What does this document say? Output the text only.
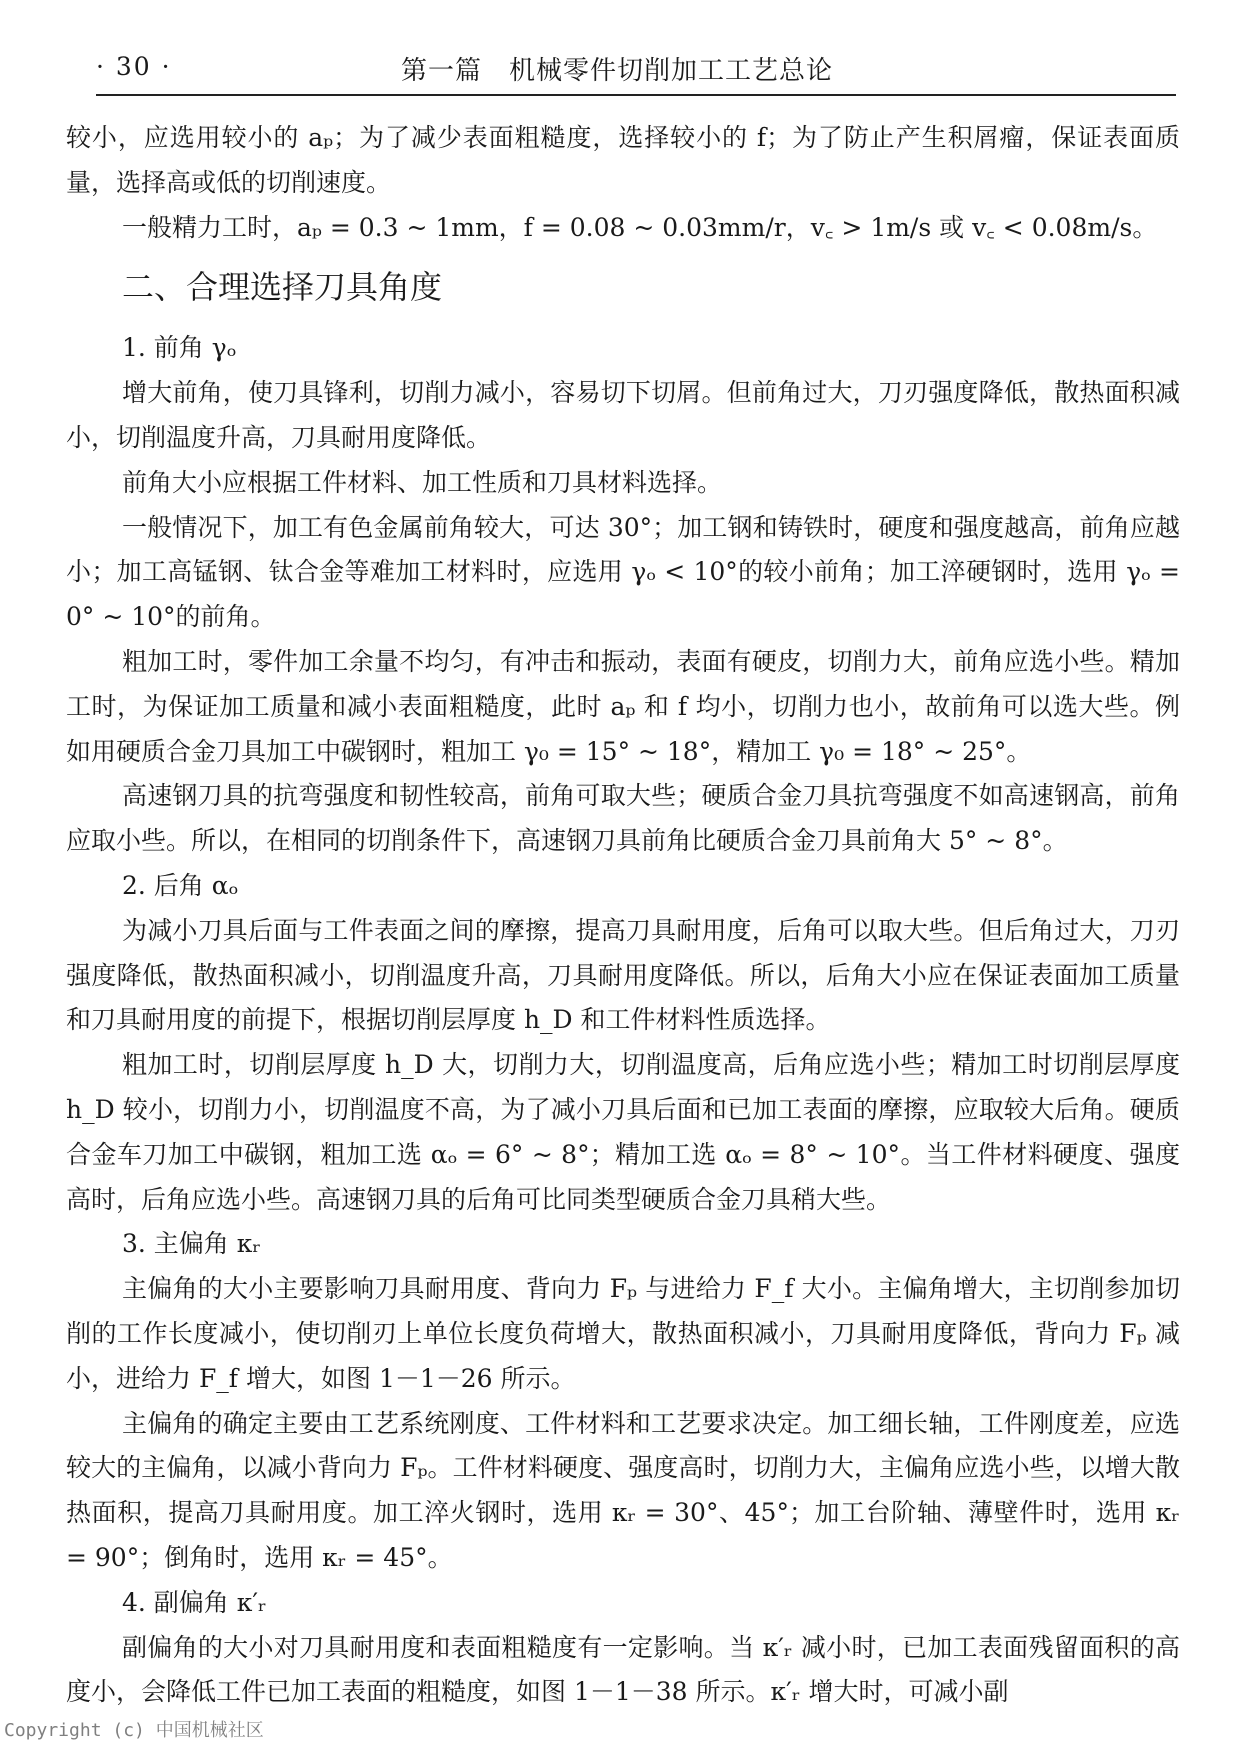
· 30 ·	第一篇　机械零件切削加工工艺总论

较小，应选用较小的 aₚ；为了减少表面粗糙度，选择较小的 f；为了防止产生积屑瘤，保证表面质量，选择高或低的切削速度。

一般精力工时，aₚ = 0.3 ~ 1mm，f = 0.08 ~ 0.03mm/r，v꜀ > 1m/s 或 v꜀ < 0.08m/s。

二、合理选择刀具角度

1. 前角 γₒ

增大前角，使刀具锋利，切削力减小，容易切下切屑。但前角过大，刀刃强度降低，散热面积减小，切削温度升高，刀具耐用度降低。

前角大小应根据工件材料、加工性质和刀具材料选择。

一般情况下，加工有色金属前角较大，可达 30°；加工钢和铸铁时，硬度和强度越高，前角应越小；加工高锰钢、钛合金等难加工材料时，应选用 γₒ < 10°的较小前角；加工淬硬钢时，选用 γₒ = 0° ~ 10°的前角。

粗加工时，零件加工余量不均匀，有冲击和振动，表面有硬皮，切削力大，前角应选小些。精加工时，为保证加工质量和减小表面粗糙度，此时 aₚ 和 f 均小，切削力也小，故前角可以选大些。例如用硬质合金刀具加工中碳钢时，粗加工 γ₀ = 15° ~ 18°，精加工 γ₀ = 18° ~ 25°。

高速钢刀具的抗弯强度和韧性较高，前角可取大些；硬质合金刀具抗弯强度不如高速钢高，前角应取小些。所以，在相同的切削条件下，高速钢刀具前角比硬质合金刀具前角大 5° ~ 8°。

2. 后角 αₒ

为减小刀具后面与工件表面之间的摩擦，提高刀具耐用度，后角可以取大些。但后角过大，刀刃强度降低，散热面积减小，切削温度升高，刀具耐用度降低。所以，后角大小应在保证表面加工质量和刀具耐用度的前提下，根据切削层厚度 h_D 和工件材料性质选择。

粗加工时，切削层厚度 h_D 大，切削力大，切削温度高，后角应选小些；精加工时切削层厚度 h_D 较小，切削力小，切削温度不高，为了减小刀具后面和已加工表面的摩擦，应取较大后角。硬质合金车刀加工中碳钢，粗加工选 αₒ = 6° ~ 8°；精加工选 αₒ = 8° ~ 10°。当工件材料硬度、强度高时，后角应选小些。高速钢刀具的后角可比同类型硬质合金刀具稍大些。

3. 主偏角 κᵣ

主偏角的大小主要影响刀具耐用度、背向力 Fₚ 与进给力 F_f 大小。主偏角增大，主切削参加切削的工作长度减小，使切削刃上单位长度负荷增大，散热面积减小，刀具耐用度降低，背向力 Fₚ 减小，进给力 F_f 增大，如图 1－1－26 所示。

主偏角的确定主要由工艺系统刚度、工件材料和工艺要求决定。加工细长轴，工件刚度差，应选较大的主偏角，以减小背向力 Fₚ。工件材料硬度、强度高时，切削力大，主偏角应选小些，以增大散热面积，提高刀具耐用度。加工淬火钢时，选用 κᵣ = 30°、45°；加工台阶轴、薄壁件时，选用 κᵣ = 90°；倒角时，选用 κᵣ = 45°。

4. 副偏角 κ′ᵣ

副偏角的大小对刀具耐用度和表面粗糙度有一定影响。当 κ′ᵣ 减小时，已加工表面残留面积的高度小，会降低工件已加工表面的粗糙度，如图 1－1－38 所示。κ′ᵣ 增大时，可减小副

Copyright (c) 中国机械社区
